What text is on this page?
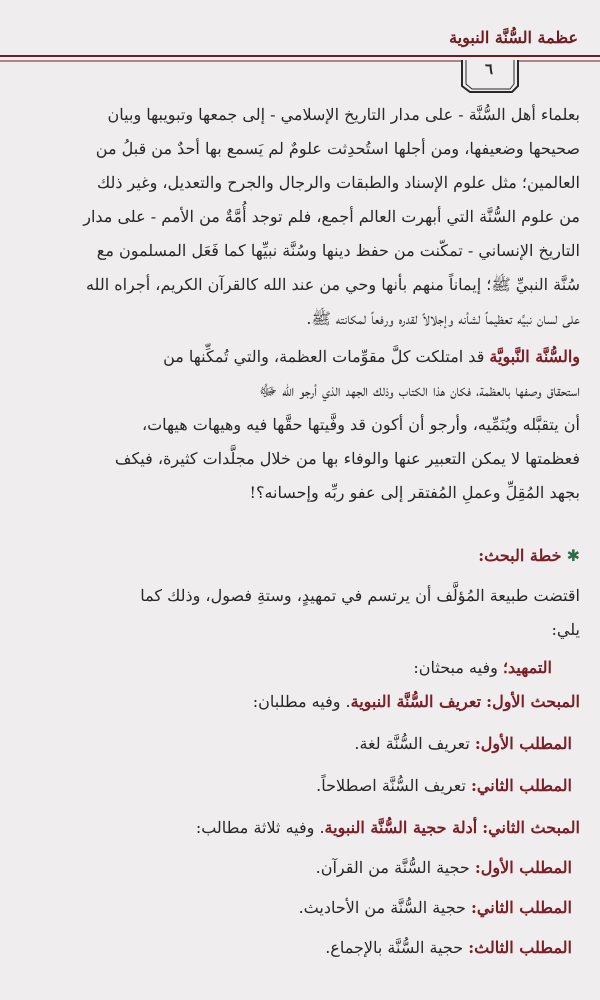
عظمة السُّنَّة النبوية
٦
بعلماء أهل السُّنَّة - على مدار التاريخ الإسلامي - إلى جمعها وتبويبها وبيان
صحيحها وضعيفها، ومن أجلها استُحدِثت علومٌ لم يَسمع بها أحدٌ من قبلُ من
العالمين؛ مثل علوم الإسناد والطبقات والرجال والجرح والتعديل، وغير ذلك
من علوم السُّنَّة التي أبهرت العالم أجمع، فلم توجد أُمَّةٌ من الأمم - على مدار
التاريخ الإنساني - تمكّنت من حفظ دينها وسُنَّة نبيِّها كما فَعَل المسلمون مع
سُنَّة النبيِّ ﷺ؛ إيماناً منهم بأنها وحي من عند الله كالقرآن الكريم، أجراه الله
على لسان نبيِّه تعظيماً لشأنه وإجلالاً لقدره ورفعاً لمكانته ﷺ.
والسُّنَّة النَّبويَّة قد امتلكت كلَّ مقوِّمات العظمة، والتي تُمكِّنها من
استحقاق وصفها بالعظمة، فكان هذا الكتاب وذلك الجهد الذي أرجو الله ﷻ
أن يتقبَّله ويُنَمِّيه، وأرجو أن أكون قد وفَّيتها حقَّها فيه وهيهات هيهات،
فعظمتها لا يمكن التعبير عنها والوفاء بها من خلال مجلَّدات كثيرة، فيكف
بجهد المُقِلِّ وعملِ المُفتقر إلى عفو ربِّه وإحسانه؟!
✱ خطة البحث:
اقتضت طبيعة المُؤلَّف أن يرتسم في تمهيدٍ، وستةِ فصول، وذلك كما
يلي:
التمهيد؛ وفيه مبحثان:
المبحث الأول: تعريف السُّنَّة النبوية. وفيه مطلبان:
المطلب الأول: تعريف السُّنَّة لغة.
المطلب الثاني: تعريف السُّنَّة اصطلاحاً.
المبحث الثاني: أدلة حجية السُّنَّة النبوية. وفيه ثلاثة مطالب:
المطلب الأول: حجية السُّنَّة من القرآن.
المطلب الثاني: حجية السُّنَّة من الأحاديث.
المطلب الثالث: حجية السُّنَّة بالإجماع.
